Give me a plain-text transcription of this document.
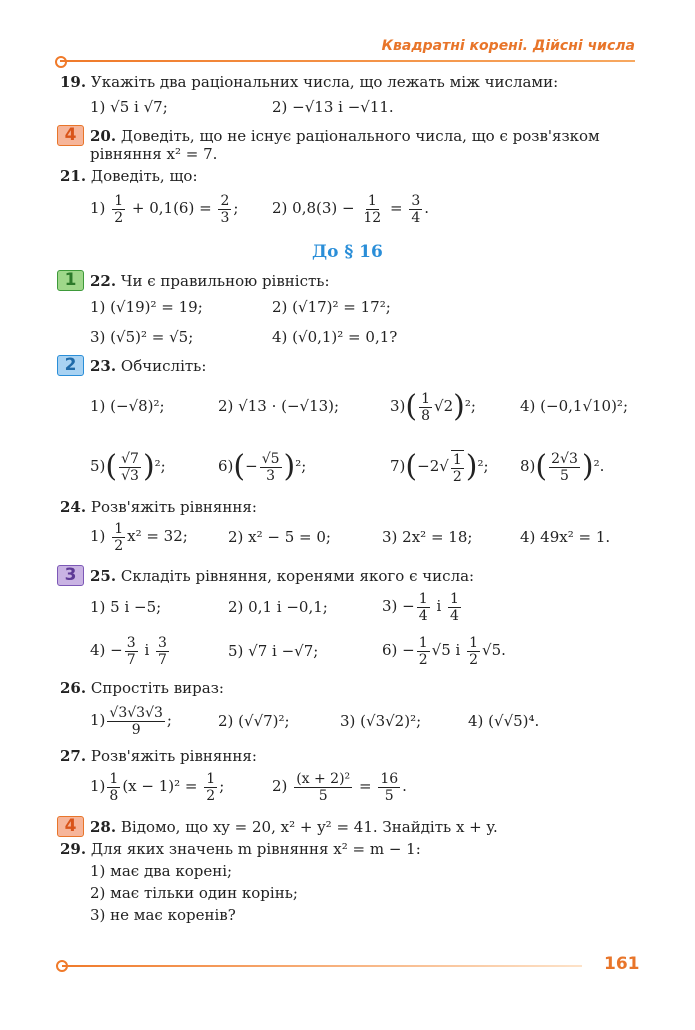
Квадратні корені. Дійсні числа
19. Укажіть два раціональних числа, що лежать між числами:
1) √5 і √7;	2) −√13 і −√11.
4 20. Доведіть, що не існує раціонального числа, що є розв'язком
рівняння x² = 7.
21. Доведіть, що:
$1) \frac{1}{2} + 0,1(6) = \frac{2}{3}$ ; 2) $0,8(3) - \frac{1}{12} = \frac{3}{4}$ .
До § 16
1 22. Чи є правильною рівність:
1) (√19)² = 19;	2) (√17)² = 17²;
3) (√5)² = √5;	4) (√0,1)² = 0,1?
2 23. Обчисліть:
1) (−√8)²;	2) √13 · (−√13);	$3)( \frac{1}{8} √2)^2$;	4) (−0,1√10)²;
$5)( \frac{√7}{√3} )^2$;	$6)(- \frac{√5}{3} )^2$;	$7)(-2√ \frac{1}{2} )^2$; $8)( \frac{2√3}{5} )^2$.
24. Розв'яжіть рівняння:
$1) \frac{1}{2} x^2 = 32$;	2) x² − 5 = 0;	3) 2x² = 18;	4) 49x² = 1.
3 25. Складіть рівняння, коренями якого є числа:
1) 5 і −5;	2) 0,1 і −0,1;	$3) - \frac{1}{4}$ і $\frac{1}{4}$
$4) - \frac{3}{7}$ і $\frac{3}{7}$	5) √7 і −√7;	$6) - \frac{1}{2} √5$ і $\frac{1}{2} √5$.
26. Спростіть вираз:
$1) \frac{√3√3√3}{9}$ ;	2) (√√7)²;	3) (√3√2)²;	4) (√√5)⁴.
27. Розв'яжіть рівняння:
$1) \frac{1}{8} (x - 1)^2 = \frac{1}{2}$ ;	$2) \frac{\text{(x + 2)²}}{5} = \frac{16}{5}$ .
4 28. Відомо, що xy = 20, x² + y² = 41. Знайдіть x + y.
29. Для яких значень m рівняння x² = m − 1:
1) має два корені;
2) має тільки один корінь;
3) не має коренів?
161
